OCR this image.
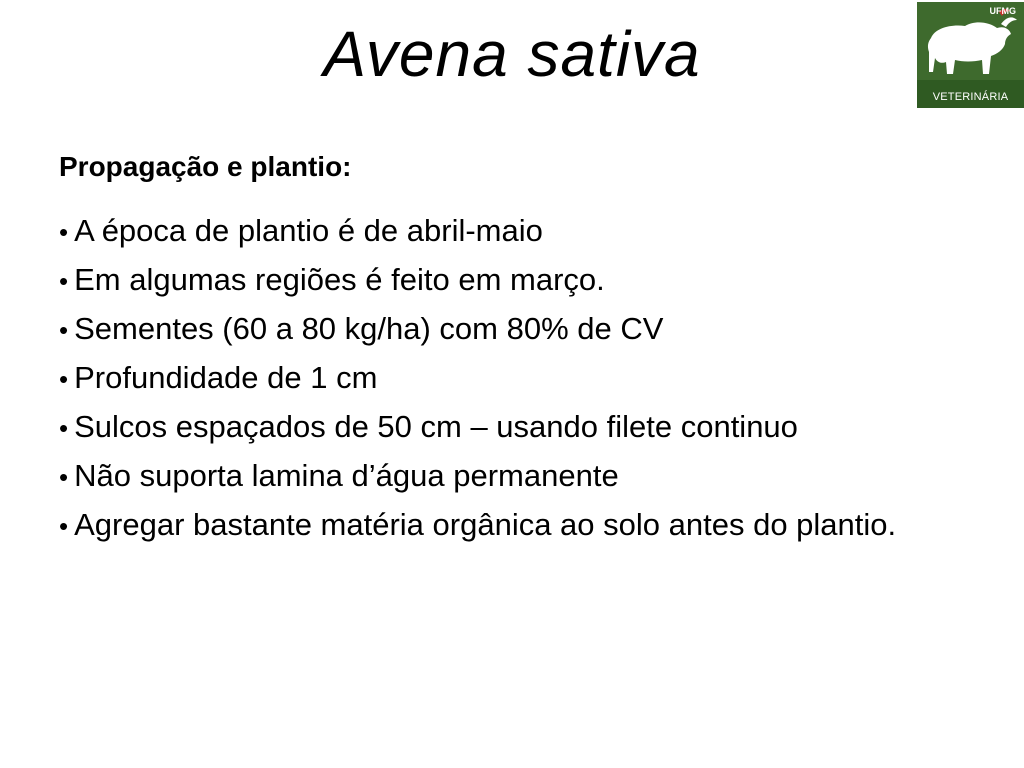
Avena sativa
UFMG
VETERINÁRIA
Propagação e plantio:
• A época de plantio é de abril-maio
• Em algumas regiões é feito em março.
• Sementes (60 a 80 kg/ha) com 80% de CV
• Profundidade de 1 cm
• Sulcos espaçados de 50 cm – usando filete continuo
• Não suporta lamina d’água permanente
• Agregar bastante matéria orgânica ao solo antes do plantio.
